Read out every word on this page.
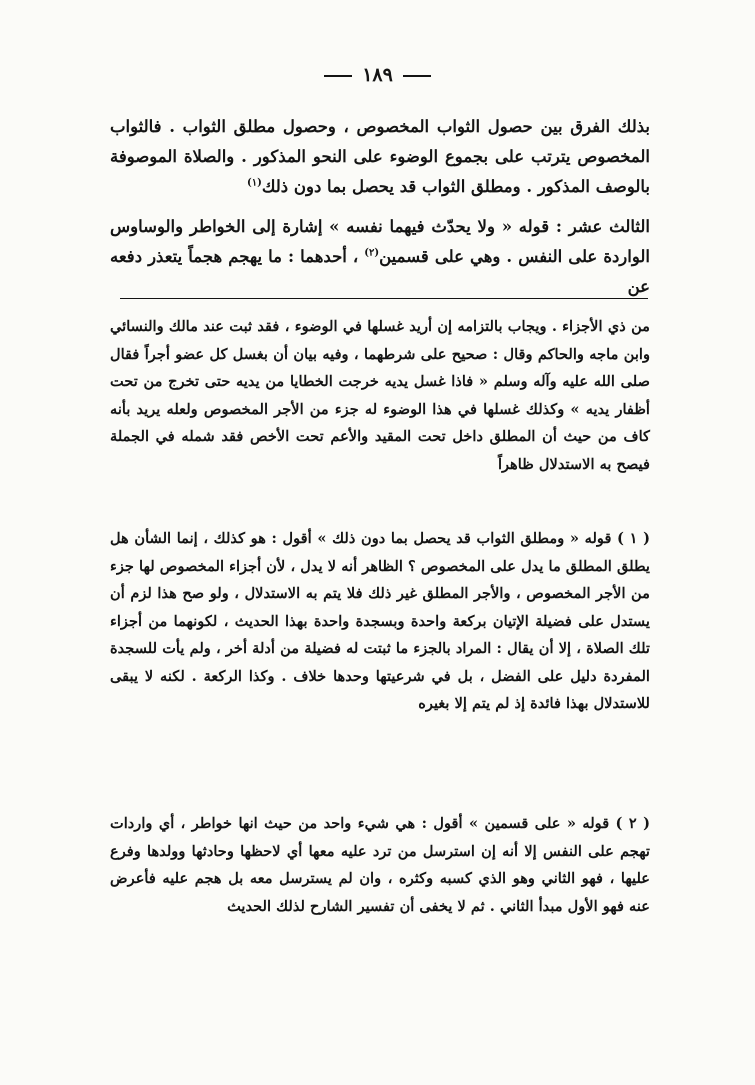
١٨٩

بذلك الفرق بين حصول الثواب المخصوص ، وحصول مطلق الثواب . فالثواب المخصوص يترتب على بجموع الوضوء على النحو المذكور . والصلاة الموصوفة بالوصف المذكور . ومطلق الثواب قد يحصل بما دون ذلك$^{(١)}$

الثالث عشر : قوله « ولا يحدّث فيهما نفسه » إشارة إلى الخواطر والوساوس الواردة على النفس . وهي على قسمين$^{(٢)}$ ، أحدهما : ما يهجم هجماً يتعذر دفعه عن

من ذي الأجزاء . ويجاب بالتزامه إن أريد غسلها في الوضوء ، فقد ثبت عند مالك والنسائي وابن ماجه والحاكم وقال : صحيح على شرطهما ، وفيه بيان أن بغسل كل عضو أجراً فقال صلى الله عليه وآله وسلم « فاذا غسل يديه خرجت الخطايا من يديه حتى تخرج من تحت أظفار يديه » وكذلك غسلها في هذا الوضوء له جزء من الأجر المخصوص ولعله يريد بأنه كاف من حيث أن المطلق داخل تحت المقيد والأعم تحت الأخص فقد شمله في الجملة فيصح به الاستدلال ظاهراً

( ١ ) قوله « ومطلق الثواب قد يحصل بما دون ذلك » أقول : هو كذلك ، إنما الشأن هل يطلق المطلق ما يدل على المخصوص ؟ الظاهر أنه لا يدل ، لأن أجزاء المخصوص لها جزء من الأجر المخصوص ، والأجر المطلق غير ذلك فلا يتم به الاستدلال ، ولو صح هذا لزم أن يستدل على فضيلة الإتيان بركعة واحدة وبسجدة واحدة بهذا الحديث ، لكونهما من أجزاء تلك الصلاة ، إلا أن يقال : المراد بالجزء ما ثبتت له فضيلة من أدلة أخر ، ولم يأت للسجدة المفردة دليل على الفضل ، بل في شرعيتها وحدها خلاف . وكذا الركعة . لكنه لا يبقى للاستدلال بهذا فائدة إذ لم يتم إلا بغيره

( ٢ ) قوله « على قسمين » أقول : هي شيء واحد من حيث انها خواطر ، أي واردات تهجم على النفس إلا أنه إن استرسل من ترد عليه معها أي لاحظها وحادثها وولدها وفرع عليها ، فهو الثاني وهو الذي كسبه وكثره ، وان لم يسترسل معه بل هجم عليه فأعرض عنه فهو الأول مبدأ الثاني . ثم لا يخفى أن تفسير الشارح لذلك الحديث
